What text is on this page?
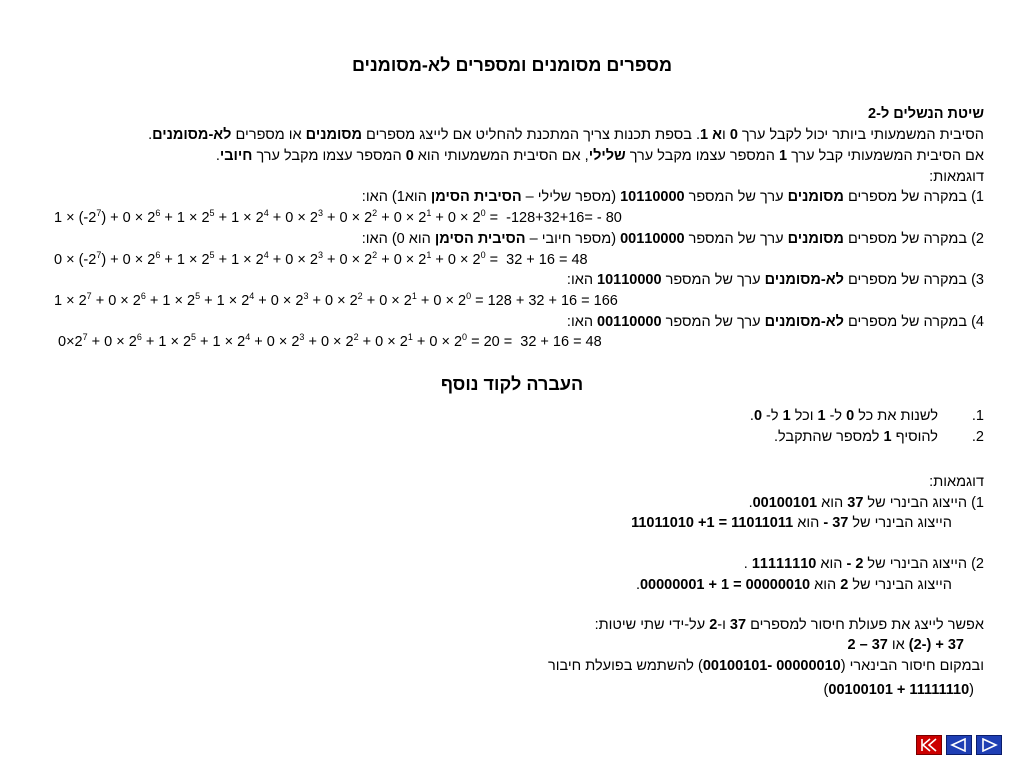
מספרים מסומנים ומספרים לא-מסומנים
שיטת הנשלים ל-2
הסיבית המשמעותי ביותר יכול לקבל ערך 0 וא 1. בספת תכנות צריך המתכנת להחליט אם לייצג מספרים מסומנים או מספרים לא-מסומנים.
אם הסיבית המשמעותי קבל ערך 1 המספר עצמו מקבל ערך שלילי, אם הסיבית המשמעותי הוא 0 המספר עצמו מקבל ערך חיובי.
דוגמאות:
1) במקרה של מספרים מסומנים ערך של המספר 10110000 (מספר שלילי – הסיבית הסימן הוא1) האו:
$1 \times (-2^7) + 0 \times 2^6 + 1 \times 2^5 + 1 \times 2^4 + 0 \times 2^3 + 0 \times 2^2 + 0 \times 2^1 + 0 \times 2^0 = -128+32+16= - 80$
2) במקרה של מספרים מסומנים ערך של המספר 00110000 (מספר חיובי – הסיבית הסימן הוא 0) האו:
$0 \times (-2^7) + 0 \times 2^6 + 1 \times 2^5 + 1 \times 2^4 + 0 \times 2^3 + 0 \times 2^2 + 0 \times 2^1 + 0 \times 2^0 = 32 + 16 = 48$
3) במקרה של מספרים לא-מסומנים ערך של המספר 10110000 האו:
$1 \times 2^7 + 0 \times 2^6 + 1 \times 2^5 + 1 \times 2^4 + 0 \times 2^3 + 0 \times 2^2 + 0 \times 2^1 + 0 \times 2^0 = 128 + 32 + 16 = 166$
4) במקרה של מספרים לא-מסומנים ערך של המספר 00110000 האו:
$0\times 2^7 + 0 \times 2^6 + 1 \times 2^5 + 1 \times 2^4 + 0 \times 2^3 + 0 \times 2^2 + 0 \times 2^1 + 0 \times 2^0 = 20 = 32 + 16 = 48$
העברה לקוד נוסף
1.לשנות את כל 0 ל- 1 וכל 1 ל- 0.
2.להוסיף 1 למספר שהתקבל.
דוגמאות:
1) הייצוג הבינרי של 37 הוא 00100101.
הייצוג הבינרי של 37 - הוא 11011010 +1 = 11011011
2) הייצוג הבינרי של 2 - הוא 11111110 .
הייצוג הבינרי של 2 הוא 00000001 + 1 = 00000010.
אפשר לייצג את פעולת חיסור למספרים 37 ו-2 על-ידי שתי שיטות:
(2-) + 37 או 2 – 37
ובמקום חיסור הבינארי (00100101- 00000010) להשתמש בפועלת חיבור
(00100101 + 11111110)
